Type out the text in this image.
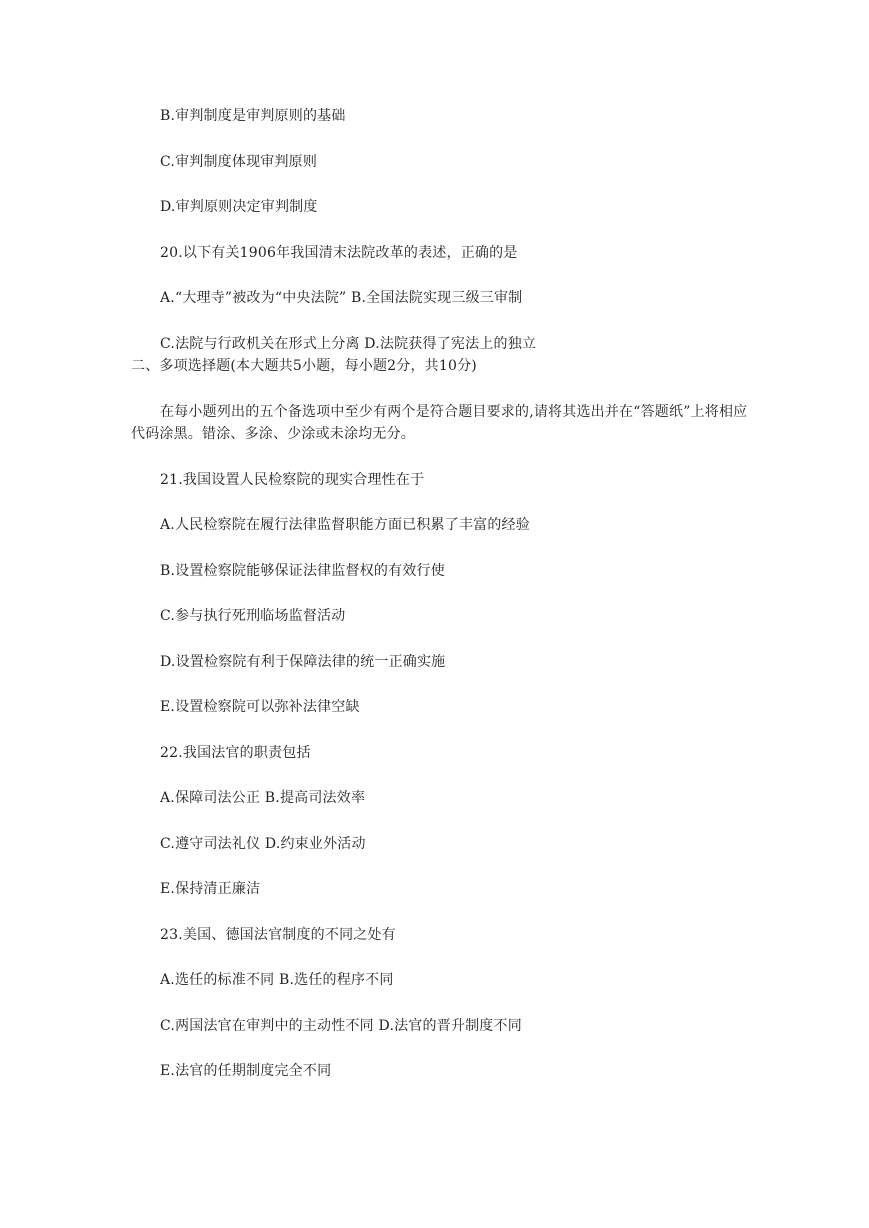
B.审判制度是审判原则的基础
C.审判制度体现审判原则
D.审判原则决定审判制度
20.以下有关1906年我国清末法院改革的表述，正确的是
A.“大理寺”被改为“中央法院” B.全国法院实现三级三审制
C.法院与行政机关在形式上分离 D.法院获得了宪法上的独立
二、多项选择题(本大题共5小题，每小题2分，共10分)
在每小题列出的五个备选项中至少有两个是符合题目要求的,请将其选出并在“答题纸”上将相应代码涂黑。错涂、多涂、少涂或未涂均无分。
21.我国设置人民检察院的现实合理性在于
A.人民检察院在履行法律监督职能方面已积累了丰富的经验
B.设置检察院能够保证法律监督权的有效行使
C.参与执行死刑临场监督活动
D.设置检察院有利于保障法律的统一正确实施
E.设置检察院可以弥补法律空缺
22.我国法官的职责包括
A.保障司法公正 B.提高司法效率
C.遵守司法礼仪 D.约束业外活动
E.保持清正廉洁
23.美国、德国法官制度的不同之处有
A.选任的标准不同 B.选任的程序不同
C.两国法官在审判中的主动性不同 D.法官的晋升制度不同
E.法官的任期制度完全不同
